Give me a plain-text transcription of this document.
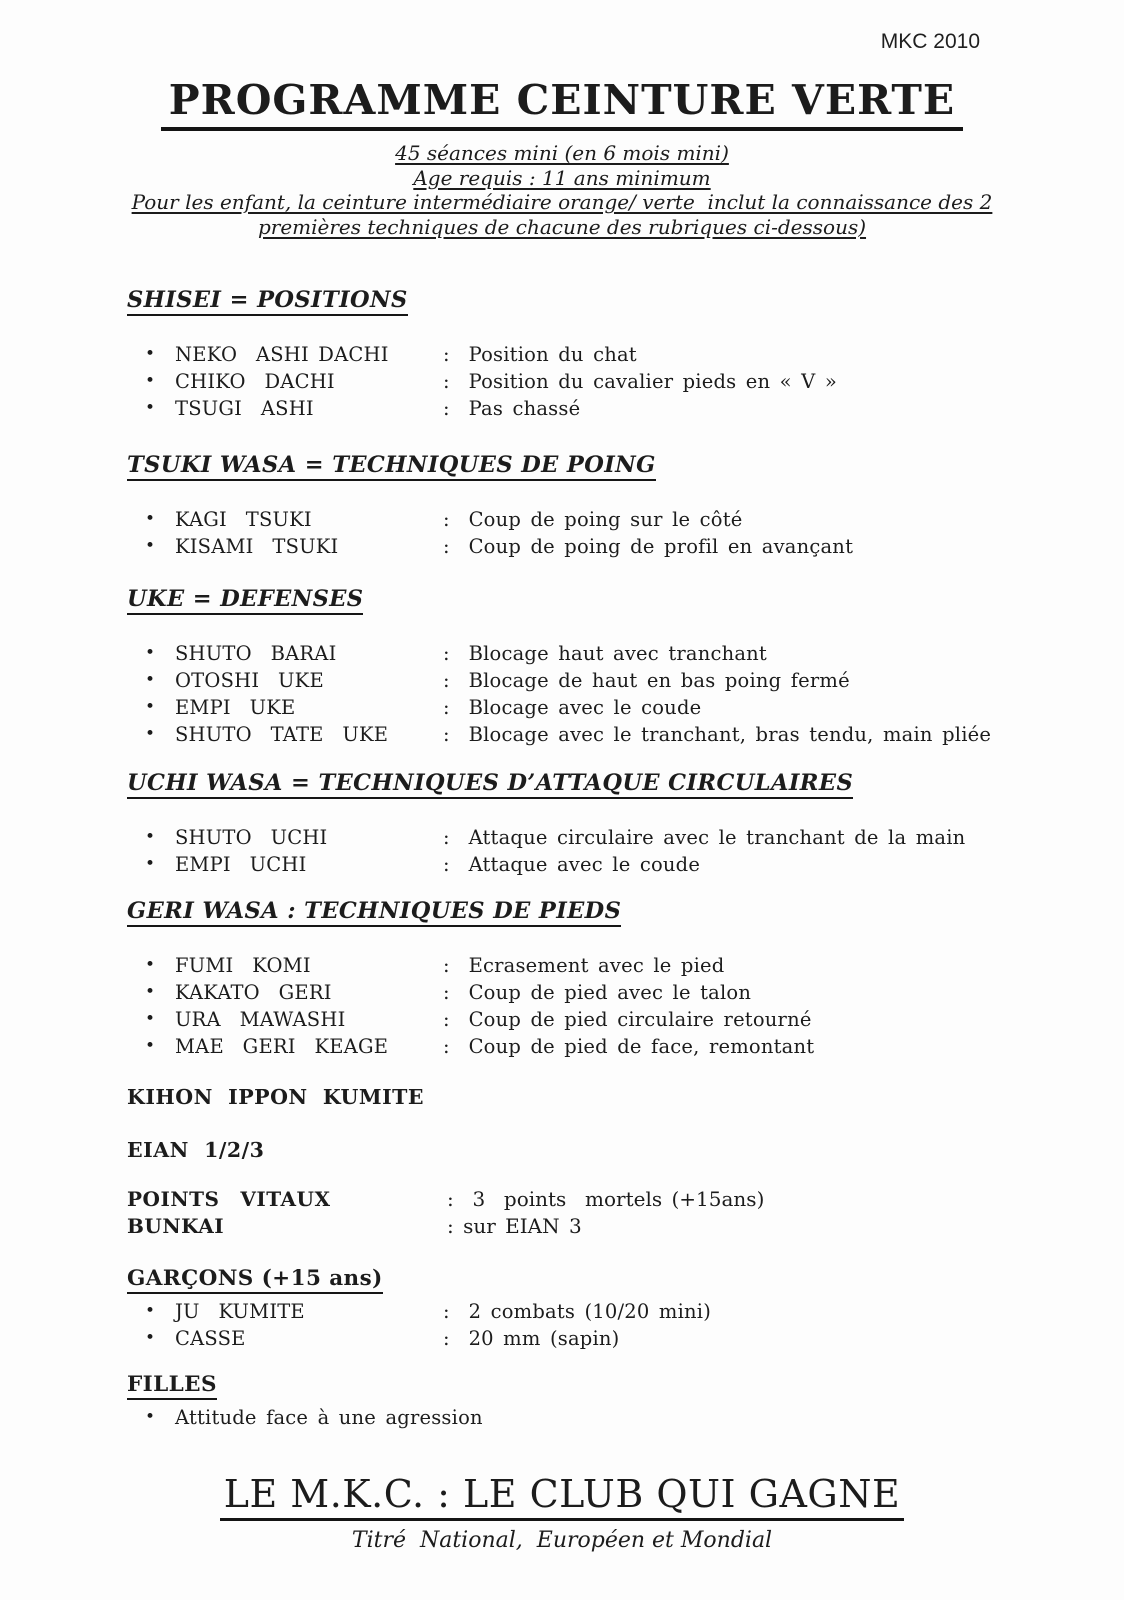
MKC 2010
PROGRAMME CEINTURE VERTE
45 séances mini (en 6 mois mini)
Age requis : 11 ans minimum
Pour les enfant, la ceinture intermédiaire orange/ verte  inclut la connaissance des 2
premières techniques de chacune des rubriques ci-dessous)
SHISEI = POSITIONS
•	NEKO  ASHI DACHI	:  Position du chat
•	CHIKO  DACHI	:  Position du cavalier pieds en « V »
•	TSUGI  ASHI	:  Pas chassé
TSUKI WASA = TECHNIQUES DE POING
•	KAGI  TSUKI	:  Coup de poing sur le côté
•	KISAMI  TSUKI	:  Coup de poing de profil en avançant
UKE = DEFENSES
•	SHUTO  BARAI	:  Blocage haut avec tranchant
•	OTOSHI  UKE	:  Blocage de haut en bas poing fermé
•	EMPI  UKE	:  Blocage avec le coude
•	SHUTO  TATE  UKE	:  Blocage avec le tranchant, bras tendu, main pliée
UCHI WASA = TECHNIQUES D’ATTAQUE CIRCULAIRES
•	SHUTO  UCHI	:  Attaque circulaire avec le tranchant de la main
•	EMPI  UCHI	:  Attaque avec le coude
GERI WASA : TECHNIQUES DE PIEDS
•	FUMI  KOMI	:  Ecrasement avec le pied
•	KAKATO  GERI	:  Coup de pied avec le talon
•	URA  MAWASHI	:  Coup de pied circulaire retourné
•	MAE  GERI  KEAGE	:  Coup de pied de face, remontant
KIHON  IPPON  KUMITE
EIAN  1/2/3
POINTS  VITAUX	:  3  points  mortels (+15ans)
BUNKAI	: sur EIAN 3
GARÇONS (+15 ans)
•	JU  KUMITE	:  2 combats (10/20 mini)
•	CASSE	:  20 mm (sapin)
FILLES
•	Attitude face à une agression
LE M.K.C. : LE CLUB QUI GAGNE
Titré  National,  Européen et Mondial
